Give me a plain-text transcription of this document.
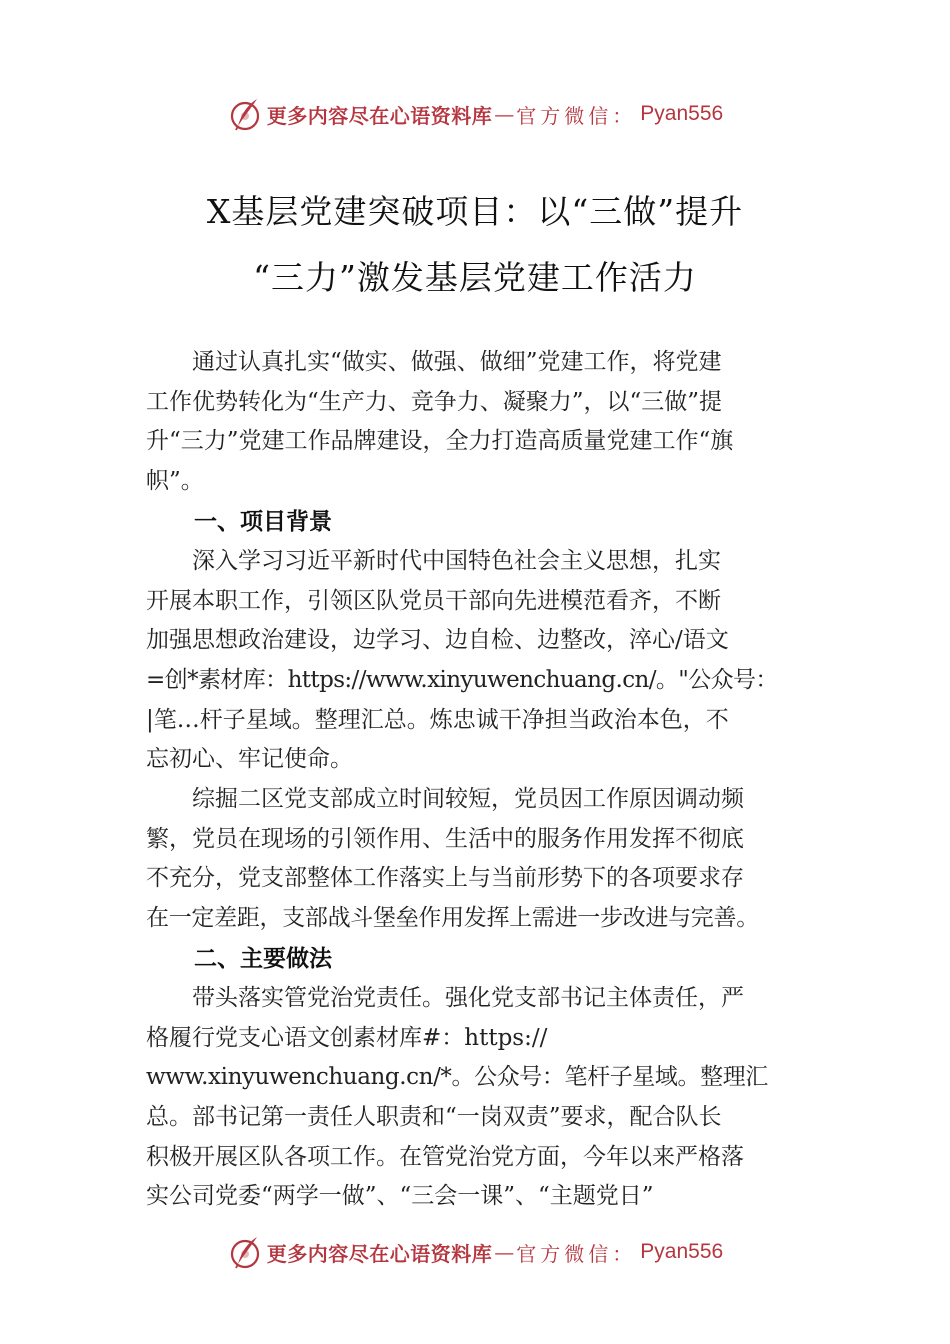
更多内容尽在心语资料库 — 官方微信： Pyan556
X基层党建突破项目：以“三做”提升
“三力”激发基层党建工作活力

　　通过认真扎实“做实、做强、做细”党建工作，将党建
工作优势转化为“生产力、竞争力、凝聚力”，以“三做”提
升“三力”党建工作品牌建设，全力打造高质量党建工作“旗
帜”。

一、项目背景

　　深入学习习近平新时代中国特色社会主义思想，扎实
开展本职工作，引领区队党员干部向先进模范看齐，不断
加强思想政治建设，边学习、边自检、边整改，淬心/语文
=创*素材库：https://www.xinyuwenchuang.cn/。"公众号：
|笔…杆子星域。整理汇总。炼忠诚干净担当政治本色，不
忘初心、牢记使命。

　　综掘二区党支部成立时间较短，党员因工作原因调动频
繁，党员在现场的引领作用、生活中的服务作用发挥不彻底
不充分，党支部整体工作落实上与当前形势下的各项要求存
在一定差距，支部战斗堡垒作用发挥上需进一步改进与完善。

二、主要做法

　　带头落实管党治党责任。强化党支部书记主体责任，严
格履行党支心语文创素材库#：https://
www.xinyuwenchuang.cn/*。公众号：笔杆子星域。整理汇
总。部书记第一责任人职责和“一岗双责”要求，配合队长
积极开展区队各项工作。在管党治党方面，今年以来严格落
实公司党委“两学一做”、“三会一课”、“主题党日”

更多内容尽在心语资料库 — 官方微信： Pyan556
